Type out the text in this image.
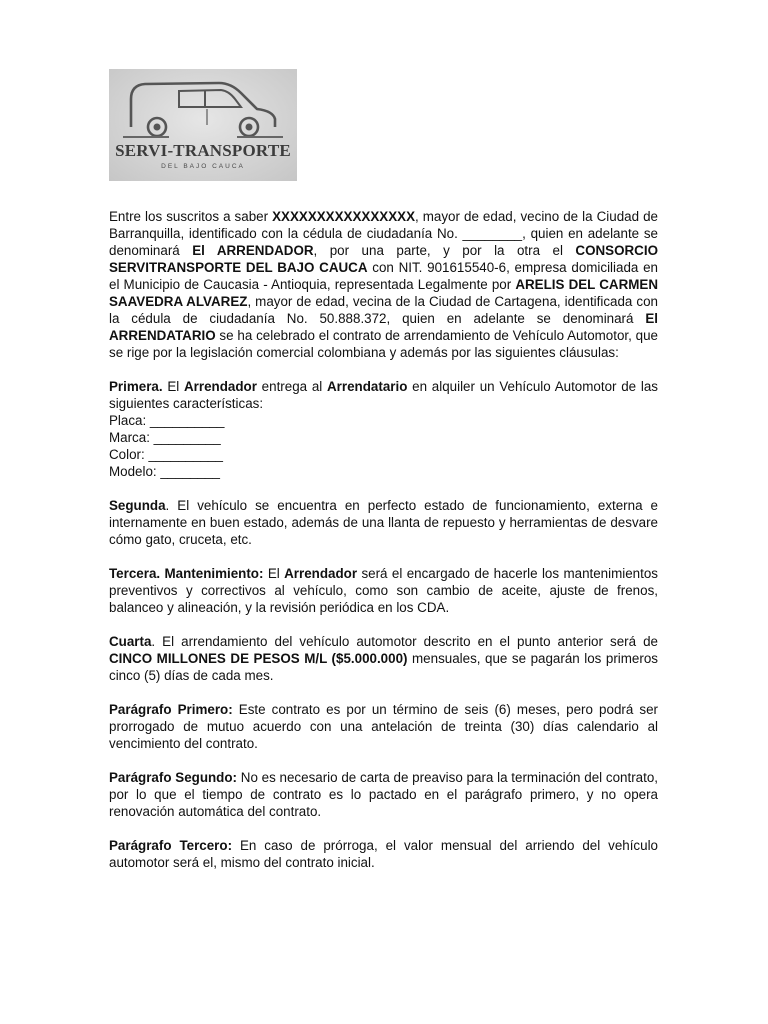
SERVI-TRANSPORTE
DEL BAJO CAUCA

Entre los suscritos a saber XXXXXXXXXXXXXXXX, mayor de edad, vecino de la Ciudad de Barranquilla, identificado con la cédula de ciudadanía No. ________, quien en adelante se denominará El ARRENDADOR, por una parte, y por la otra el CONSORCIO SERVITRANSPORTE DEL BAJO CAUCA con NIT. 901615540-6, empresa domiciliada en el Municipio de Caucasia - Antioquia, representada Legalmente por ARELIS DEL CARMEN SAAVEDRA ALVAREZ, mayor de edad, vecina de la Ciudad de Cartagena, identificada con la cédula de ciudadanía No. 50.888.372, quien en adelante se denominará El ARRENDATARIO se ha celebrado el contrato de arrendamiento de Vehículo Automotor, que se rige por la legislación comercial colombiana y además por las siguientes cláusulas:

Primera. El Arrendador entrega al Arrendatario en alquiler un Vehículo Automotor de las siguientes características:
Placa: __________
Marca: _________
Color: __________
Modelo: ________

Segunda. El vehículo se encuentra en perfecto estado de funcionamiento, externa e internamente en buen estado, además de una llanta de repuesto y herramientas de desvare cómo gato, cruceta, etc.

Tercera. Mantenimiento: El Arrendador será el encargado de hacerle los mantenimientos preventivos y correctivos al vehículo, como son cambio de aceite, ajuste de frenos, balanceo y alineación, y la revisión periódica en los CDA.

Cuarta. El arrendamiento del vehículo automotor descrito en el punto anterior será de CINCO MILLONES DE PESOS M/L ($5.000.000) mensuales, que se pagarán los primeros cinco (5) días de cada mes.

Parágrafo Primero: Este contrato es por un término de seis (6) meses, pero podrá ser prorrogado de mutuo acuerdo con una antelación de treinta (30) días calendario al vencimiento del contrato.

Parágrafo Segundo: No es necesario de carta de preaviso para la terminación del contrato, por lo que el tiempo de contrato es lo pactado en el parágrafo primero, y no opera renovación automática del contrato.

Parágrafo Tercero: En caso de prórroga, el valor mensual del arriendo del vehículo automotor será el, mismo del contrato inicial.
